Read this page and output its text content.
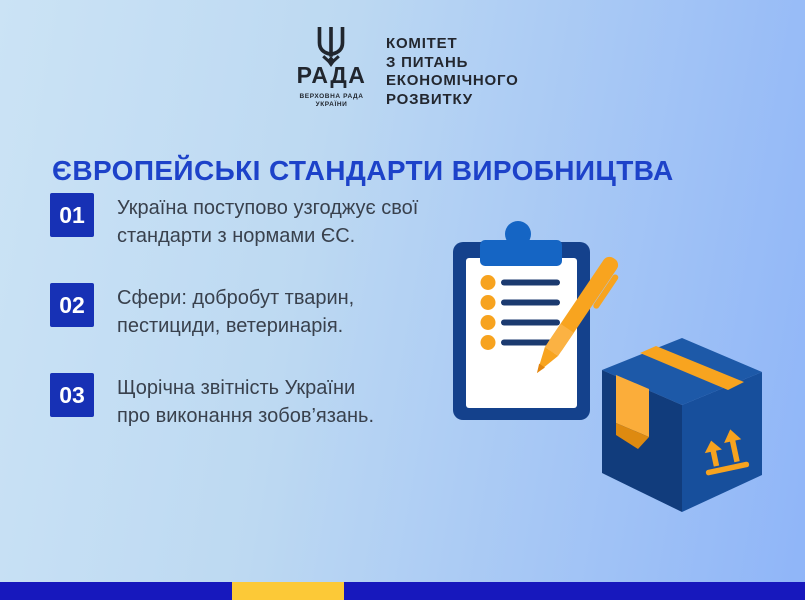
РАДА
ВЕРХОВНА РАДА
УКРАЇНИ
КОМІТЕТ
З ПИТАНЬ
ЕКОНОМІЧНОГО
РОЗВИТКУ
ЄВРОПЕЙСЬКІ СТАНДАРТИ ВИРОБНИЦТВА
01	Україна поступово узгоджує свої
стандарти з нормами ЄС.
02	Сфери: добробут тварин,
пестициди, ветеринарія.
03	Щорічна звітність України
про виконання зобов’язань.
